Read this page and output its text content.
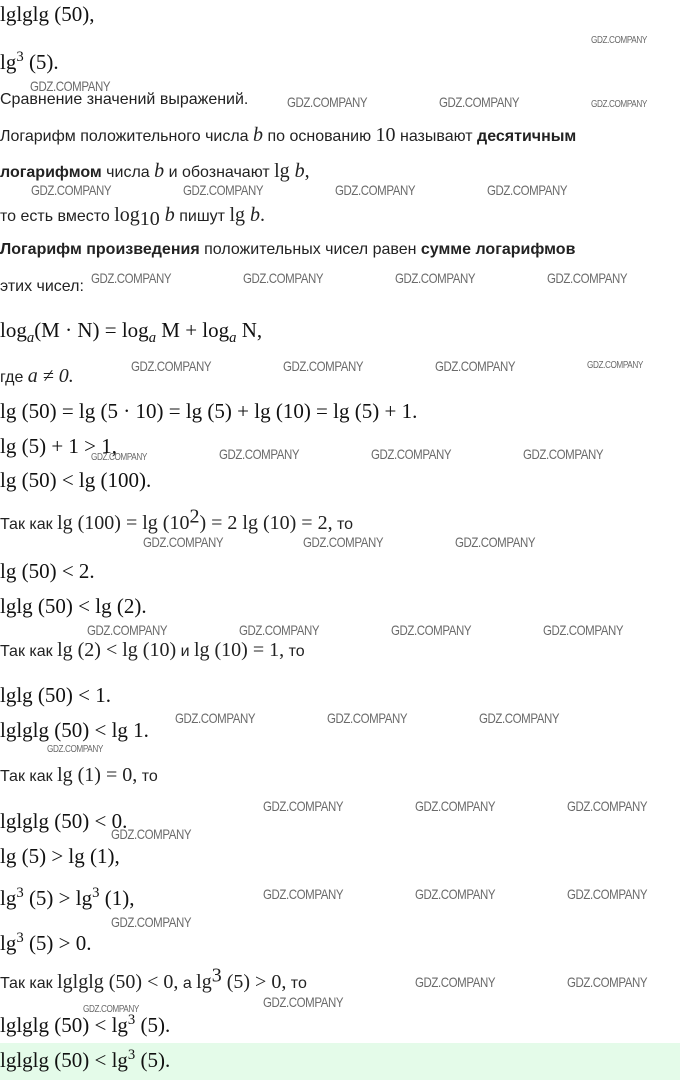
lglglg (50),
$\lg^3 (5)$.
Сравнение значений выражений.
Логарифм положительного числа b по основанию 10 называют десятичным
логарифмом числа b и обозначают lg b,
то есть вместо $\log_{10} b$ пишут lg b.
Логарифм произведения положительных чисел равен сумме логарифмов
этих чисел:
$\log_a(M \cdot N) = \log_a M + \log_a N$,
где a ≠ 0.
lg (50) = lg (5 · 10) = lg (5) + lg (10) = lg (5) + 1.
lg (5) + 1 > 1,
lg (50) < lg (100).
Так как $\lg (100) = \lg (10^2) = 2$ lg (10) = 2, то
lg (50) < 2.
lglg (50) < lg (2).
Так как lg (2) < lg (10) и lg (10) = 1, то
lglg (50) < 1.
lglglg (50) < lg 1.
Так как lg (1) = 0, то
lglglg (50) < 0.
lg (5) > lg (1),
$\lg^3 (5) > \lg^3 (1)$,
$\lg^3 (5) > 0$.
Так как lglglg (50) < 0, а $\lg^3 (5) > 0$, то
lglglg $(50) < \lg^3 (5)$.
lglglg $(50) < \lg^3 (5)$.
GDZ.COMPANY
GDZ.COMPANY
GDZ.COMPANY	GDZ.COMPANY	GDZ.COMPANY
GDZ.COMPANY	GDZ.COMPANY	GDZ.COMPANY	GDZ.COMPANY
GDZ.COMPANY	GDZ.COMPANY	GDZ.COMPANY	GDZ.COMPANY
GDZ.COMPANY	GDZ.COMPANY	GDZ.COMPANY	GDZ.COMPANY
GDZ.COMPANY	GDZ.COMPANY	GDZ.COMPANY	GDZ.COMPANY
GDZ.COMPANY	GDZ.COMPANY	GDZ.COMPANY
GDZ.COMPANY	GDZ.COMPANY	GDZ.COMPANY	GDZ.COMPANY
GDZ.COMPANY	GDZ.COMPANY	GDZ.COMPANY
GDZ.COMPANY
GDZ.COMPANY	GDZ.COMPANY	GDZ.COMPANY
GDZ.COMPANY
GDZ.COMPANY	GDZ.COMPANY	GDZ.COMPANY
GDZ.COMPANY
GDZ.COMPANY	GDZ.COMPANY
GDZ.COMPANY
GDZ.COMPANY
